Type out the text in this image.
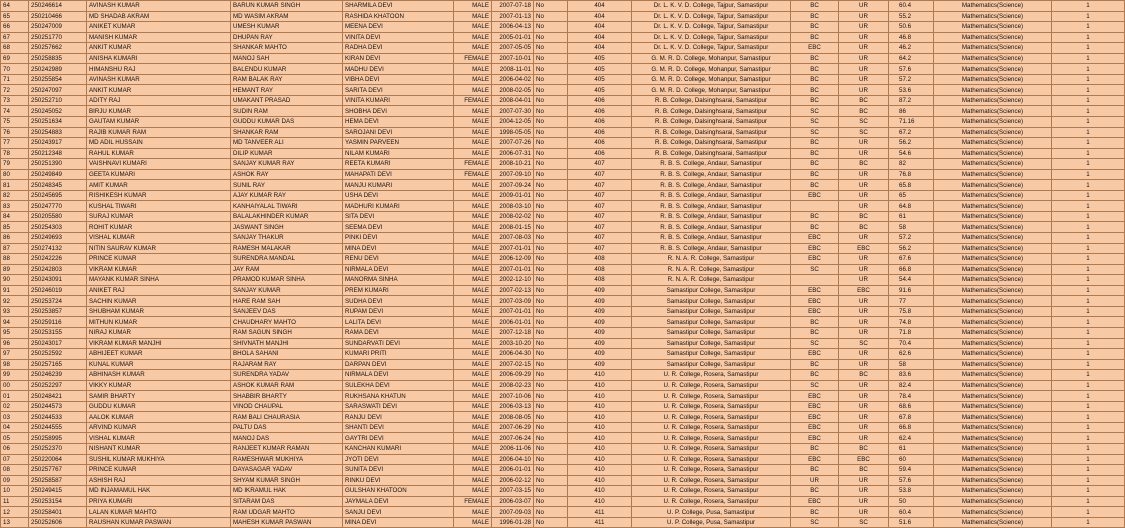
64	250246614	AVINASH KUMAR	BARUN KUMAR SINGH	SHARMILA DEVI	MALE	2007-07-18	No	404	Dr. L. K. V. D. College, Tajpur, Samastipur	BC	UR	60.4	Mathematics(Science)	1
65	250210466	MD SHADAB AKRAM	MD WASIM AKRAM	RASHIDA KHATOON	MALE	2007-01-13	No	404	Dr. L. K. V. D. College, Tajpur, Samastipur	BC	UR	55.2	Mathematics(Science)	1
66	250247009	ANIKET KUMAR	UMESH KUMAR	MEENA DEVI	MALE	2006-04-13	No	404	Dr. L. K. V. D. College, Tajpur, Samastipur	BC	UR	50.6	Mathematics(Science)	1
67	250251770	MANISH KUMAR	DHUPAN RAY	VINITA DEVI	MALE	2005-01-01	No	404	Dr. L. K. V. D. College, Tajpur, Samastipur	BC	UR	46.8	Mathematics(Science)	1
68	250257662	ANKIT KUMAR	SHANKAR MAHTO	RADHA DEVI	MALE	2007-05-05	No	404	Dr. L. K. V. D. College, Tajpur, Samastipur	EBC	UR	46.2	Mathematics(Science)	1
69	250258835	ANISHA KUMARI	MANOJ SAH	KIRAN DEVI	FEMALE	2007-10-01	No	405	G. M. R. D. College, Mohanpur, Samastipur	BC	UR	64.2	Mathematics(Science)	1
70	250242989	HIMANSHU RAJ	BALENDU KUMAR	MADHU DEVI	MALE	2008-11-01	No	405	G. M. R. D. College, Mohanpur, Samastipur	BC	UR	57.6	Mathematics(Science)	1
71	250255854	AVINASH KUMAR	RAM BALAK RAY	VIBHA DEVI	MALE	2006-04-02	No	405	G. M. R. D. College, Mohanpur, Samastipur	BC	UR	57.2	Mathematics(Science)	1
72	250247097	ANKIT KUMAR	HEMANT RAY	SARITA DEVI	MALE	2008-02-05	No	405	G. M. R. D. College, Mohanpur, Samastipur	BC	UR	53.6	Mathematics(Science)	1
73	250252710	ADITY RAJ	UMAKANT PRASAD	VINITA KUMARI	FEMALE	2008-04-01	No	406	R. B. College, Dalsinghsarai, Samastipur	BC	BC	87.2	Mathematics(Science)	1
74	250245052	BIRJU KUMAR	SUDIN RAM	SHOBHA DEVI	MALE	2007-07-30	No	406	R. B. College, Dalsinghsarai, Samastipur	SC	BC	86	Mathematics(Science)	1
75	250251634	GAUTAM KUMAR	GUDDU KUMAR DAS	HEMA DEVI	MALE	2004-12-05	No	406	R. B. College, Dalsinghsarai, Samastipur	SC	SC	71.16	Mathematics(Science)	1
76	250254883	RAJIB KUMAR RAM	SHANKAR RAM	SAROJANI DEVI	MALE	1998-05-05	No	406	R. B. College, Dalsinghsarai, Samastipur	SC	SC	67.2	Mathematics(Science)	1
77	250243917	MD ADIL HUSSAIN	MD TANVEER ALI	YASMIN PARVEEN	MALE	2007-07-26	No	406	R. B. College, Dalsinghsarai, Samastipur	BC	UR	56.2	Mathematics(Science)	1
78	250212348	RAHUL KUMAR	DILIP KUMAR	NILAM KUMARI	MALE	2006-07-31	No	406	R. B. College, Dalsinghsarai, Samastipur	BC	UR	54.6	Mathematics(Science)	1
79	250251390	VAISHNAVI KUMARI	SANJAY KUMAR RAY	REETA KUMARI	FEMALE	2008-10-21	No	407	R. B. S. College, Andaur, Samastipur	BC	BC	82	Mathematics(Science)	1
80	250249849	GEETA KUMARI	ASHOK RAY	MAHAPATI DEVI	FEMALE	2007-09-10	No	407	R. B. S. College, Andaur, Samastipur	BC	UR	76.8	Mathematics(Science)	1
81	250248345	AMIT KUMAR	SUNIL RAY	MANJU KUMARI	MALE	2007-09-24	No	407	R. B. S. College, Andaur, Samastipur	BC	UR	65.8	Mathematics(Science)	1
82	250245695	RISHIKESH KUMAR	AJAY KUMAR RAY	USHA DEVI	MALE	2009-01-01	No	407	R. B. S. College, Andaur, Samastipur	EBC	UR	65	Mathematics(Science)	1
83	250247770	KUSHAL TIWARI	KANHAIYALAL TIWARI	MADHURI KUMARI	MALE	2008-03-10	No	407	R. B. S. College, Andaur, Samastipur		UR	64.8	Mathematics(Science)	1
84	250205580	SURAJ KUMAR	BALALAKHINDER KUMAR	SITA DEVI	MALE	2008-02-02	No	407	R. B. S. College, Andaur, Samastipur	BC	BC	61	Mathematics(Science)	1
85	250254303	ROHIT KUMAR	JASWANT SINGH	SEEMA DEVI	MALE	2008-01-15	No	407	R. B. S. College, Andaur, Samastipur	BC	BC	58	Mathematics(Science)	1
86	250249693	VISHAL KUMAR	SANJAY THAKUR	PINKI DEVI	MALE	2007-08-03	No	407	R. B. S. College, Andaur, Samastipur	EBC	UR	57.2	Mathematics(Science)	1
87	250274132	NITIN SAURAV KUMAR	RAMESH MALAKAR	MINA DEVI	MALE	2007-01-01	No	407	R. B. S. College, Andaur, Samastipur	EBC	EBC	56.2	Mathematics(Science)	1
88	250242226	PRINCE KUMAR	SURENDRA MANDAL	RENU DEVI	MALE	2006-12-09	No	408	R. N. A. R. College, Samastipur	EBC	UR	67.6	Mathematics(Science)	1
89	250242803	VIKRAM KUMAR	JAY RAM	NIRMALA DEVI	MALE	2007-01-01	No	408	R. N. A. R. College, Samastipur	SC	UR	66.8	Mathematics(Science)	1
90	250243091	MAYANK KUMAR SINHA	PRAMOD KUMAR SINHA	MANORMA SINHA	MALE	2002-12-10	No	408	R. N. A. R. College, Samastipur		UR	54.4	Mathematics(Science)	1
91	250246019	ANIKET RAJ	SANJAY KUMAR	PREM KUMARI	MALE	2007-02-13	No	409	Samastipur College, Samastipur	EBC	EBC	91.6	Mathematics(Science)	1
92	250253724	SACHIN KUMAR	HARE RAM SAH	SUDHA DEVI	MALE	2007-03-09	No	409	Samastipur College, Samastipur	EBC	UR	77	Mathematics(Science)	1
93	250253857	SHUBHAM KUMAR	SANJEEV DAS	RUPAM DEVI	MALE	2007-01-01	No	409	Samastipur College, Samastipur	EBC	UR	75.8	Mathematics(Science)	1
94	250259116	MITHUN KUMAR	CHAUDHARY MAHTO	LALITA DEVI	MALE	2006-01-01	No	409	Samastipur College, Samastipur	BC	UR	74.8	Mathematics(Science)	1
95	250253155	NIRAJ KUMAR	RAM SAGUN SINGH	RAMA DEVI	MALE	2007-12-18	No	409	Samastipur College, Samastipur	BC	UR	71.8	Mathematics(Science)	1
96	250243017	VIKRAM KUMAR MANJHI	SHIVNATH MANJHI	SUNDARVATI DEVI	MALE	2003-10-20	No	409	Samastipur College, Samastipur	SC	SC	70.4	Mathematics(Science)	1
97	250252592	ABHIJEET KUMAR	BHOLA SAHANI	KUMARI PRITI	MALE	2006-04-30	No	409	Samastipur College, Samastipur	EBC	UR	62.6	Mathematics(Science)	1
98	250257165	KUNAL KUMAR	RAJARAM RAY	DARPAN DEVI	MALE	2007-02-15	No	409	Samastipur College, Samastipur	BC	UR	58	Mathematics(Science)	1
99	250246239	ABHINASH KUMAR	SURENDRA YADAV	NIRMALA DEVI	MALE	2006-09-29	No	410	U. R. College, Rosera, Samastipur	BC	BC	83.6	Mathematics(Science)	1
00	250252297	VIKKY KUMAR	ASHOK KUMAR RAM	SULEKHA DEVI	MALE	2008-02-23	No	410	U. R. College, Rosera, Samastipur	SC	UR	82.4	Mathematics(Science)	1
01	250248421	SAMIR BHARTY	SHABBIR BHARTY	RUKHSANA KHATUN	MALE	2007-10-06	No	410	U. R. College, Rosera, Samastipur	EBC	UR	78.4	Mathematics(Science)	1
02	250244573	GUDDU KUMAR	VINOD CHAUPAL	SARASWATI DEVI	MALE	2006-03-13	No	410	U. R. College, Rosera, Samastipur	EBC	UR	68.6	Mathematics(Science)	1
03	250244533	AALOK KUMAR	RAM BALI CHAURASIA	RANJU DEVI	MALE	2008-08-05	No	410	U. R. College, Rosera, Samastipur	EBC	UR	67.8	Mathematics(Science)	1
04	250244555	ARVIND KUMAR	PALTU DAS	SHANTI DEVI	MALE	2007-06-29	No	410	U. R. College, Rosera, Samastipur	EBC	UR	66.8	Mathematics(Science)	1
05	250258995	VISHAL KUMAR	MANOJ DAS	GAYTRI DEVI	MALE	2007-06-24	No	410	U. R. College, Rosera, Samastipur	EBC	UR	62.4	Mathematics(Science)	1
06	250252370	NISHANT KUMAR	RANJEET KUMAR RAMAN	KANCHAN KUMARI	MALE	2006-11-06	No	410	U. R. College, Rosera, Samastipur	BC	BC	61	Mathematics(Science)	1
07	250220064	SUSHIL KUMAR MUKHIYA	RAMESHWAR MUKHIYA	JYOTI DEVI	MALE	2006-04-10	No	410	U. R. College, Rosera, Samastipur	EBC	EBC	60	Mathematics(Science)	1
08	250257767	PRINCE KUMAR	DAYASAGAR YADAV	SUNITA DEVI	MALE	2006-01-01	No	410	U. R. College, Rosera, Samastipur	BC	BC	59.4	Mathematics(Science)	1
09	250258587	ASHISH RAJ	SHYAM KUMAR SINGH	RINKU DEVI	MALE	2006-02-12	No	410	U. R. College, Rosera, Samastipur	UR	UR	57.6	Mathematics(Science)	1
10	250249415	MD INJAMAMUL HAK	MD IKRAMUL HAK	GULSHAN KHATOON	MALE	2007-03-15	No	410	U. R. College, Rosera, Samastipur	BC	UR	53.8	Mathematics(Science)	1
11	250253154	PRIYA KUMARI	SITARAM DAS	JAYMALA DEVI	FEMALE	2006-03-07	No	410	U. R. College, Rosera, Samastipur	EBC	UR	50	Mathematics(Science)	1
12	250258401	LALAN KUMAR MAHTO	RAM UDGAR MAHTO	SANJU DEVI	MALE	2007-09-03	No	411	U. P. College, Pusa, Samastipur	BC	UR	60.4	Mathematics(Science)	1
13	250252606	RAUSHAN KUMAR PASWAN	MAHESH KUMAR PASWAN	MINA DEVI	MALE	1996-01-28	No	411	U. P. College, Pusa, Samastipur	SC	SC	51.6	Mathematics(Science)	1
